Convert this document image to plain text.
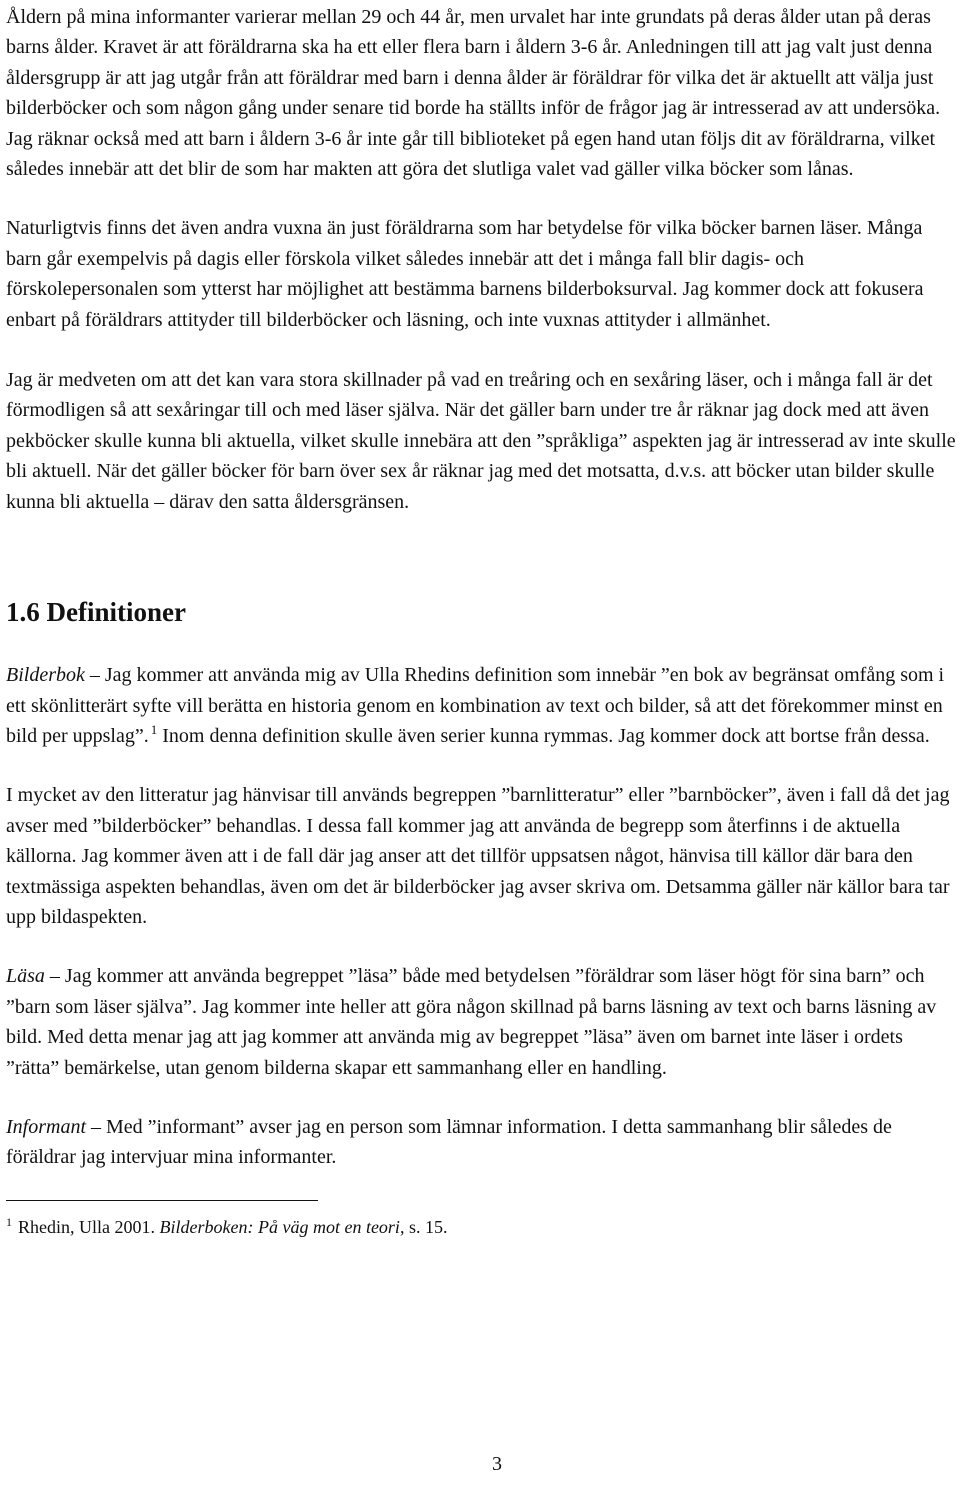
Åldern på mina informanter varierar mellan 29 och 44 år, men urvalet har inte grundats på deras ålder utan på deras barns ålder. Kravet är att föräldrarna ska ha ett eller flera barn i åldern 3-6 år. Anledningen till att jag valt just denna åldersgrupp är att jag utgår från att föräldrar med barn i denna ålder är föräldrar för vilka det är aktuellt att välja just bilderböcker och som någon gång under senare tid borde ha ställts inför de frågor jag är intresserad av att undersöka. Jag räknar också med att barn i åldern 3-6 år inte går till biblioteket på egen hand utan följs dit av föräldrarna, vilket således innebär att det blir de som har makten att göra det slutliga valet vad gäller vilka böcker som lånas.

Naturligtvis finns det även andra vuxna än just föräldrarna som har betydelse för vilka böcker barnen läser. Många barn går exempelvis på dagis eller förskola vilket således innebär att det i många fall blir dagis- och förskolepersonalen som ytterst har möjlighet att bestämma barnens bilderboksurval. Jag kommer dock att fokusera enbart på föräldrars attityder till bilderböcker och läsning, och inte vuxnas attityder i allmänhet.

Jag är medveten om att det kan vara stora skillnader på vad en treåring och en sexåring läser, och i många fall är det förmodligen så att sexåringar till och med läser själva. När det gäller barn under tre år räknar jag dock med att även pekböcker skulle kunna bli aktuella, vilket skulle innebära att den ”språkliga” aspekten jag är intresserad av inte skulle bli aktuell. När det gäller böcker för barn över sex år räknar jag med det motsatta, d.v.s. att böcker utan bilder skulle kunna bli aktuella – därav den satta åldersgränsen.

1.6 Definitioner

Bilderbok – Jag kommer att använda mig av Ulla Rhedins definition som innebär ”en bok av begränsat omfång som i ett skönlitterärt syfte vill berätta en historia genom en kombination av text och bilder, så att det förekommer minst en bild per uppslag”. $^1$ Inom denna definition skulle även serier kunna rymmas. Jag kommer dock att bortse från dessa.

I mycket av den litteratur jag hänvisar till används begreppen ”barnlitteratur” eller ”barnböcker”, även i fall då det jag avser med ”bilderböcker” behandlas. I dessa fall kommer jag att använda de begrepp som återfinns i de aktuella källorna. Jag kommer även att i de fall där jag anser att det tillför uppsatsen något, hänvisa till källor där bara den textmässiga aspekten behandlas, även om det är bilderböcker jag avser skriva om. Detsamma gäller när källor bara tar upp bildaspekten.

Läsa – Jag kommer att använda begreppet ”läsa” både med betydelsen ”föräldrar som läser högt för sina barn” och ”barn som läser själva”. Jag kommer inte heller att göra någon skillnad på barns läsning av text och barns läsning av bild. Med detta menar jag att jag kommer att använda mig av begreppet ”läsa” även om barnet inte läser i ordets ”rätta” bemärkelse, utan genom bilderna skapar ett sammanhang eller en handling.

Informant – Med ”informant” avser jag en person som lämnar information. I detta sammanhang blir således de föräldrar jag intervjuar mina informanter.

$^1$ Rhedin, Ulla 2001. Bilderboken: På väg mot en teori, s. 15.

3
